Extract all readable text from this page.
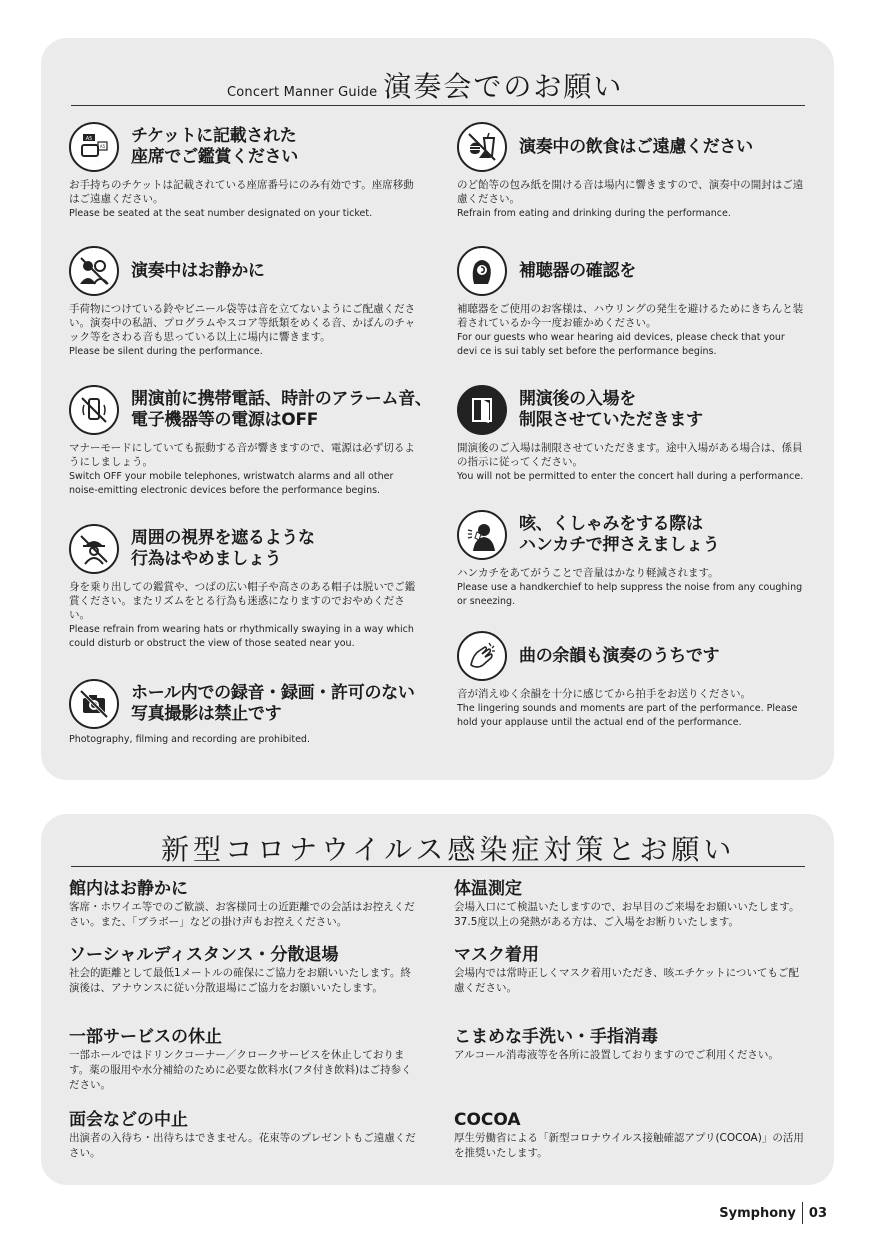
Concert Manner Guide 演奏会でのお願い
A5
A5
チケットに記載された
座席でご鑑賞ください
お手持ちのチケットは記載されている座席番号にのみ有効です。座席移動はご遠慮ください。
Please be seated at the seat number designated on your ticket.
演奏中はお静かに
手荷物につけている鈴やビニール袋等は音を立てないようにご配慮ください。演奏中の私語、プログラムやスコア等紙類をめくる音、かばんのチャック等をさわる音も思っている以上に場内に響きます。
Please be silent during the performance.
開演前に携帯電話、時計のアラーム音、
電子機器等の電源はOFF
マナーモードにしていても振動する音が響きますので、電源は必ず切るようにしましょう。
Switch OFF your mobile telephones, wristwatch alarms and all other noise-emitting electronic devices before the performance begins.
周囲の視界を遮るような
行為はやめましょう
身を乗り出しての鑑賞や、つばの広い帽子や高さのある帽子は脱いでご鑑賞ください。またリズムをとる行為も迷惑になりますのでおやめください。
Please refrain from wearing hats or rhythmically swaying in a way which could disturb or obstruct the view of those seated near you.
ホール内での録音・録画・許可のない
写真撮影は禁止です
Photography, filming and recording are prohibited.
演奏中の飲食はご遠慮ください
のど飴等の包み紙を開ける音は場内に響きますので、演奏中の開封はご遠慮ください。
Refrain from eating and drinking during the performance.
補聴器の確認を
補聴器をご使用のお客様は、ハウリングの発生を避けるためにきちんと装着されているか今一度お確かめください。
For our guests who wear hearing aid devices, please check that your devi ce is sui tably set before the performance begins.
開演後の入場を
制限させていただきます
開演後のご入場は制限させていただきます。途中入場がある場合は、係員の指示に従ってください。
You will not be permitted to enter the concert hall during a performance.
咳、くしゃみをする際は
ハンカチで押さえましょう
ハンカチをあてがうことで音量はかなり軽減されます。
Please use a handkerchief to help suppress the noise from any coughing or sneezing.
曲の余韻も演奏のうちです
音が消えゆく余韻を十分に感じてから拍手をお送りください。
The lingering sounds and moments are part of the performance. Please hold your applause until the actual end of the performance.
新型コロナウイルス感染症対策とお願い
館内はお静かに
客席・ホワイエ等でのご歓談、お客様同士の近距離での会話はお控えください。また、「ブラボー」などの掛け声もお控えください。
ソーシャルディスタンス・分散退場
社会的距離として最低1メートルの確保にご協力をお願いいたします。終演後は、アナウンスに従い分散退場にご協力をお願いいたします。
一部サービスの休止
一部ホールではドリンクコーナー／クロークサービスを休止しております。薬の服用や水分補給のために必要な飲料水(フタ付き飲料)はご持参ください。
面会などの中止
出演者の入待ち・出待ちはできません。花束等のプレゼントもご遠慮ください。
体温測定
会場入口にて検温いたしますので、お早目のご来場をお願いいたします。37.5度以上の発熱がある方は、ご入場をお断りいたします。
マスク着用
会場内では常時正しくマスク着用いただき、咳エチケットについてもご配慮ください。
こまめな手洗い・手指消毒
アルコール消毒液等を各所に設置しておりますのでご利用ください。
COCOA
厚生労働省による「新型コロナウイルス接触確認アプリ(COCOA)」の活用を推奨いたします。
Symphony 03
